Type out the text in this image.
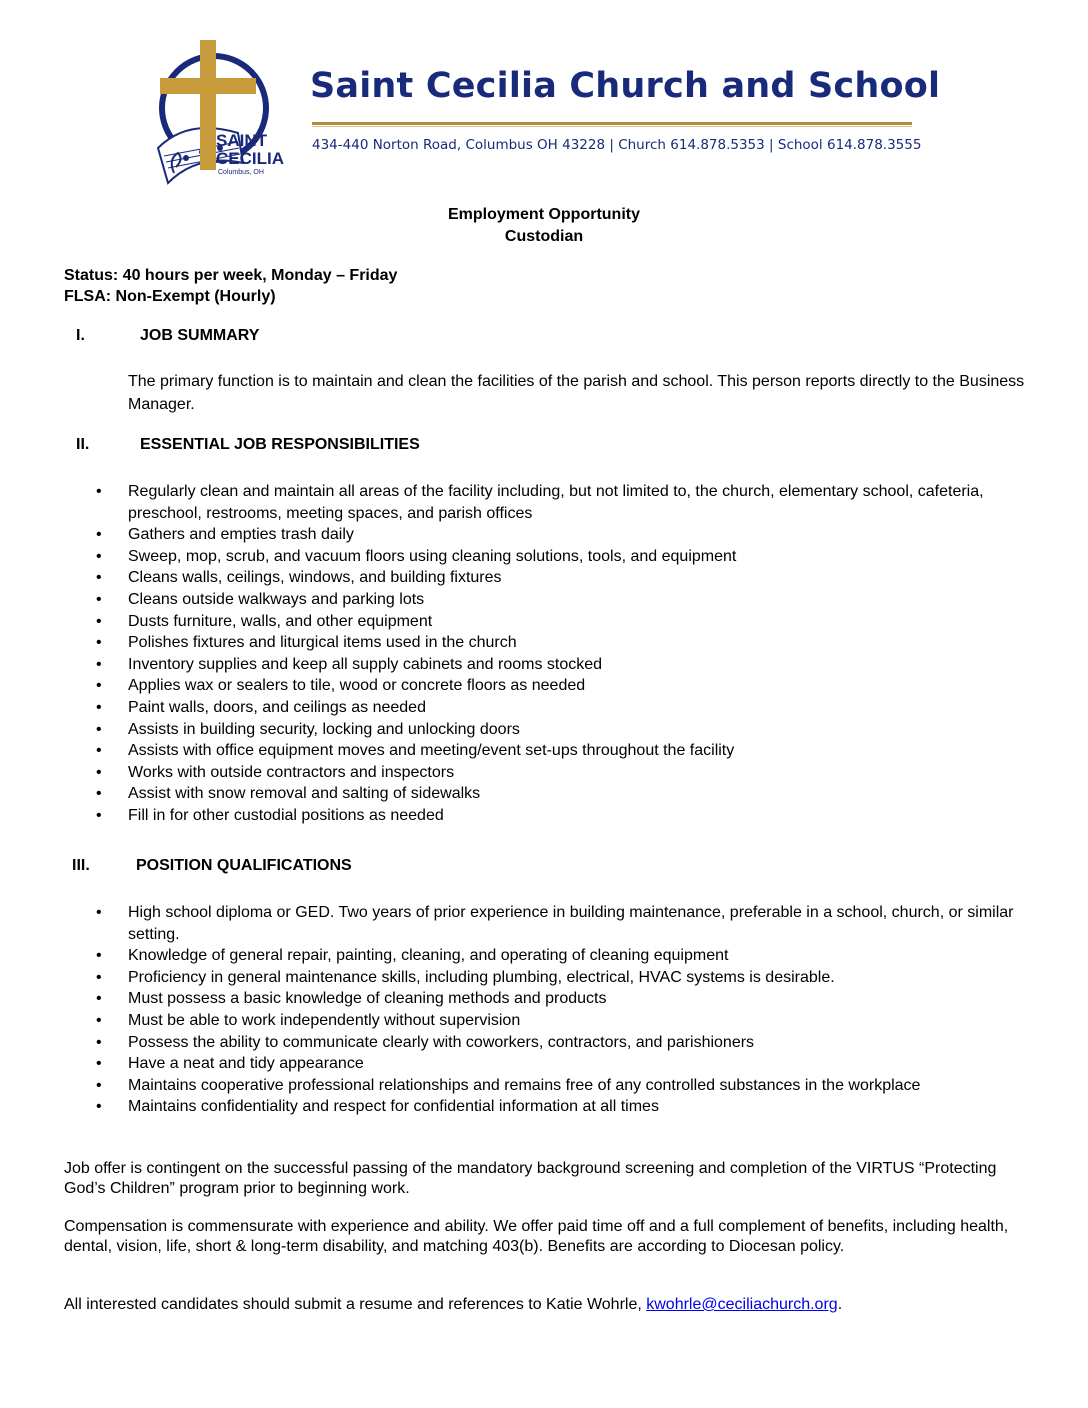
SAINT
CECILIA
Columbus, OH
Saint Cecilia Church and School
434-440 Norton Road, Columbus OH 43228 | Church 614.878.5353 | School 614.878.3555
Employment Opportunity
Custodian
Status: 40 hours per week, Monday – Friday
FLSA: Non-Exempt (Hourly)
I.	JOB SUMMARY
The primary function is to maintain and clean the facilities of the parish and school. This person reports directly to the Business Manager.
II.	ESSENTIAL JOB RESPONSIBILITIES
• Regularly clean and maintain all areas of the facility including, but not limited to, the church, elementary school, cafeteria, preschool, restrooms, meeting spaces, and parish offices
• Gathers and empties trash daily
• Sweep, mop, scrub, and vacuum floors using cleaning solutions, tools, and equipment
• Cleans walls, ceilings, windows, and building fixtures
• Cleans outside walkways and parking lots
• Dusts furniture, walls, and other equipment
• Polishes fixtures and liturgical items used in the church
• Inventory supplies and keep all supply cabinets and rooms stocked
• Applies wax or sealers to tile, wood or concrete floors as needed
• Paint walls, doors, and ceilings as needed
• Assists in building security, locking and unlocking doors
• Assists with office equipment moves and meeting/event set-ups throughout the facility
• Works with outside contractors and inspectors
• Assist with snow removal and salting of sidewalks
• Fill in for other custodial positions as needed
III.	POSITION QUALIFICATIONS
• High school diploma or GED. Two years of prior experience in building maintenance, preferable in a school, church, or similar setting.
• Knowledge of general repair, painting, cleaning, and operating of cleaning equipment
• Proficiency in general maintenance skills, including plumbing, electrical, HVAC systems is desirable.
• Must possess a basic knowledge of cleaning methods and products
• Must be able to work independently without supervision
• Possess the ability to communicate clearly with coworkers, contractors, and parishioners
• Have a neat and tidy appearance
• Maintains cooperative professional relationships and remains free of any controlled substances in the workplace
• Maintains confidentiality and respect for confidential information at all times
Job offer is contingent on the successful passing of the mandatory background screening and completion of the VIRTUS “Protecting God’s Children” program prior to beginning work.
Compensation is commensurate with experience and ability. We offer paid time off and a full complement of benefits, including health, dental, vision, life, short & long-term disability, and matching 403(b). Benefits are according to Diocesan policy.
All interested candidates should submit a resume and references to Katie Wohrle, kwohrle@ceciliachurch.org.
